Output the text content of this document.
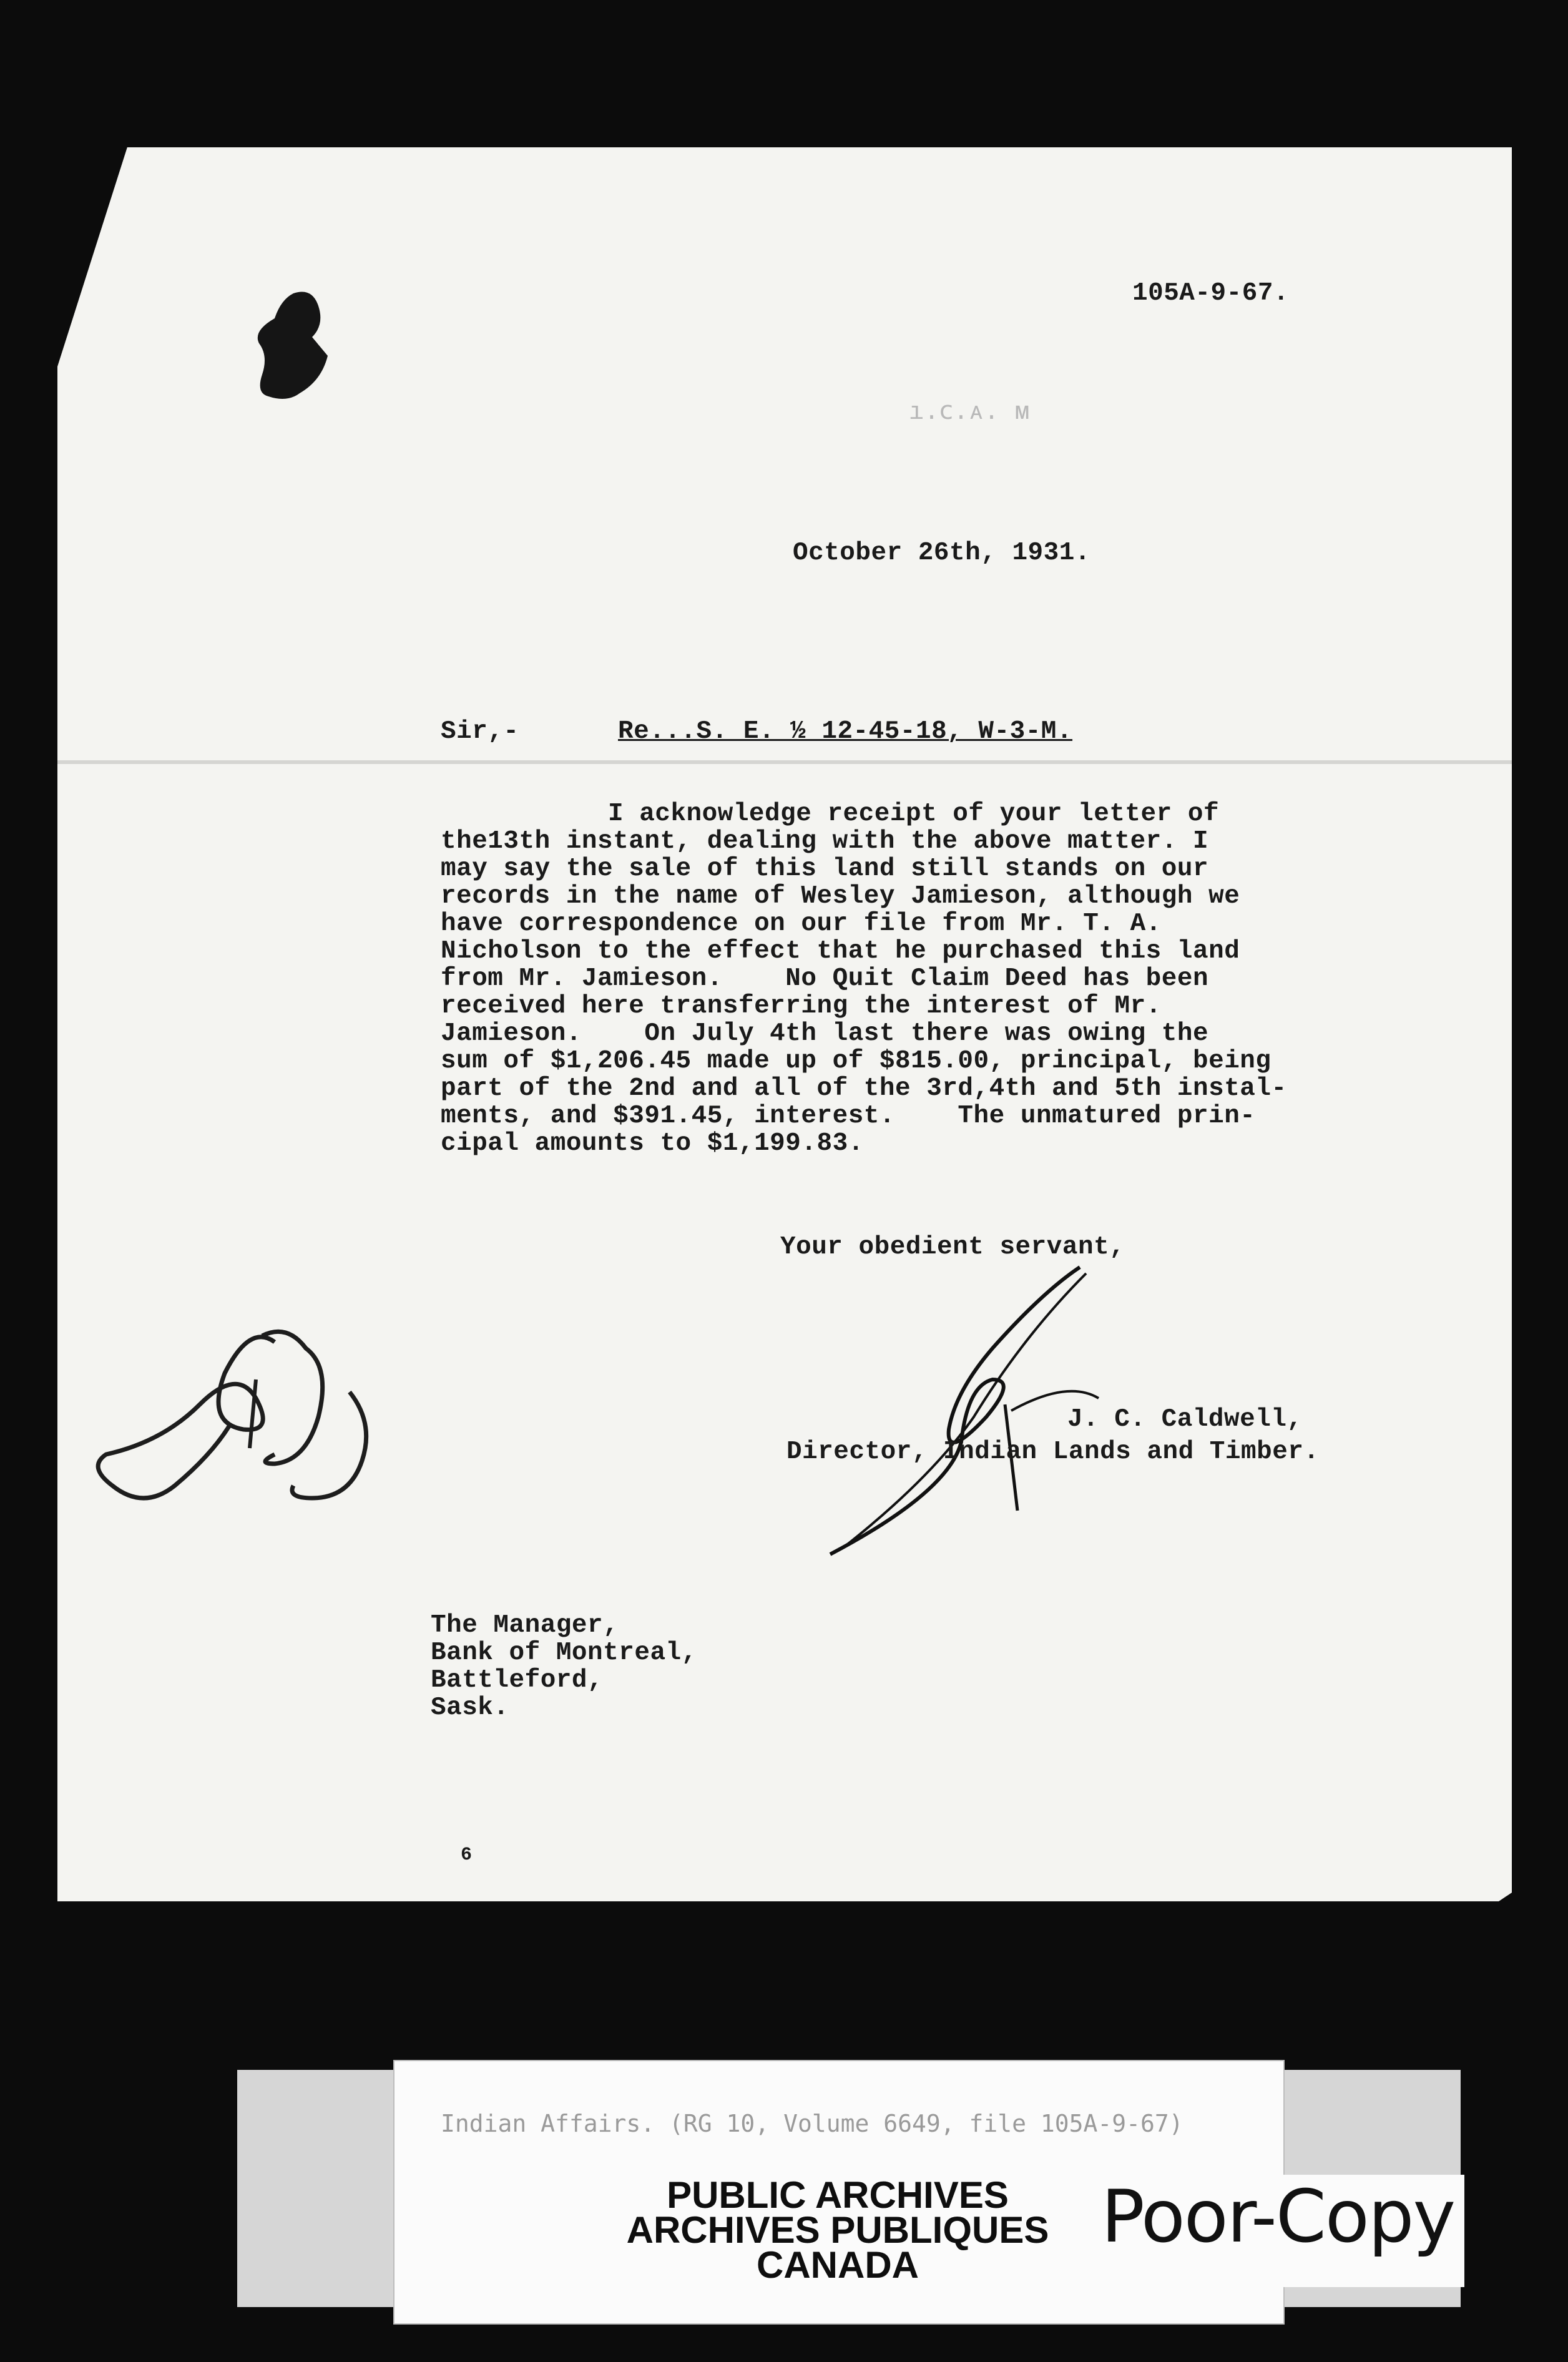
ı.ⅽ.ᴀ. ᴍ
105A-9-67.
October 26th, 1931.
Sir,-	Re...S. E. ½ 12-45-18, W-3-M.
I acknowledge receipt of your letter of
the13th instant, dealing with the above matter. I
may say the sale of this land still stands on our
records in the name of Wesley Jamieson, although we
have correspondence on our file from Mr. T. A.
Nicholson to the effect that he purchased this land
from Mr. Jamieson.    No Quit Claim Deed has been
received here transferring the interest of Mr.
Jamieson.    On July 4th last there was owing the
sum of $1,206.45 made up of $815.00, principal, being
part of the 2nd and all of the 3rd,4th and 5th instal-
ments, and $391.45, interest.    The unmatured prin-
cipal amounts to $1,199.83.
Your obedient servant,
J. C. Caldwell,
Director, Indian Lands and Timber.
The Manager,
Bank of Montreal,
Battleford,
Sask.
6
Indian Affairs. (RG 10, Volume 6649, file 105A-9-67)
PUBLIC ARCHIVES
ARCHIVES PUBLIQUES
CANADA
Poor-Copy
